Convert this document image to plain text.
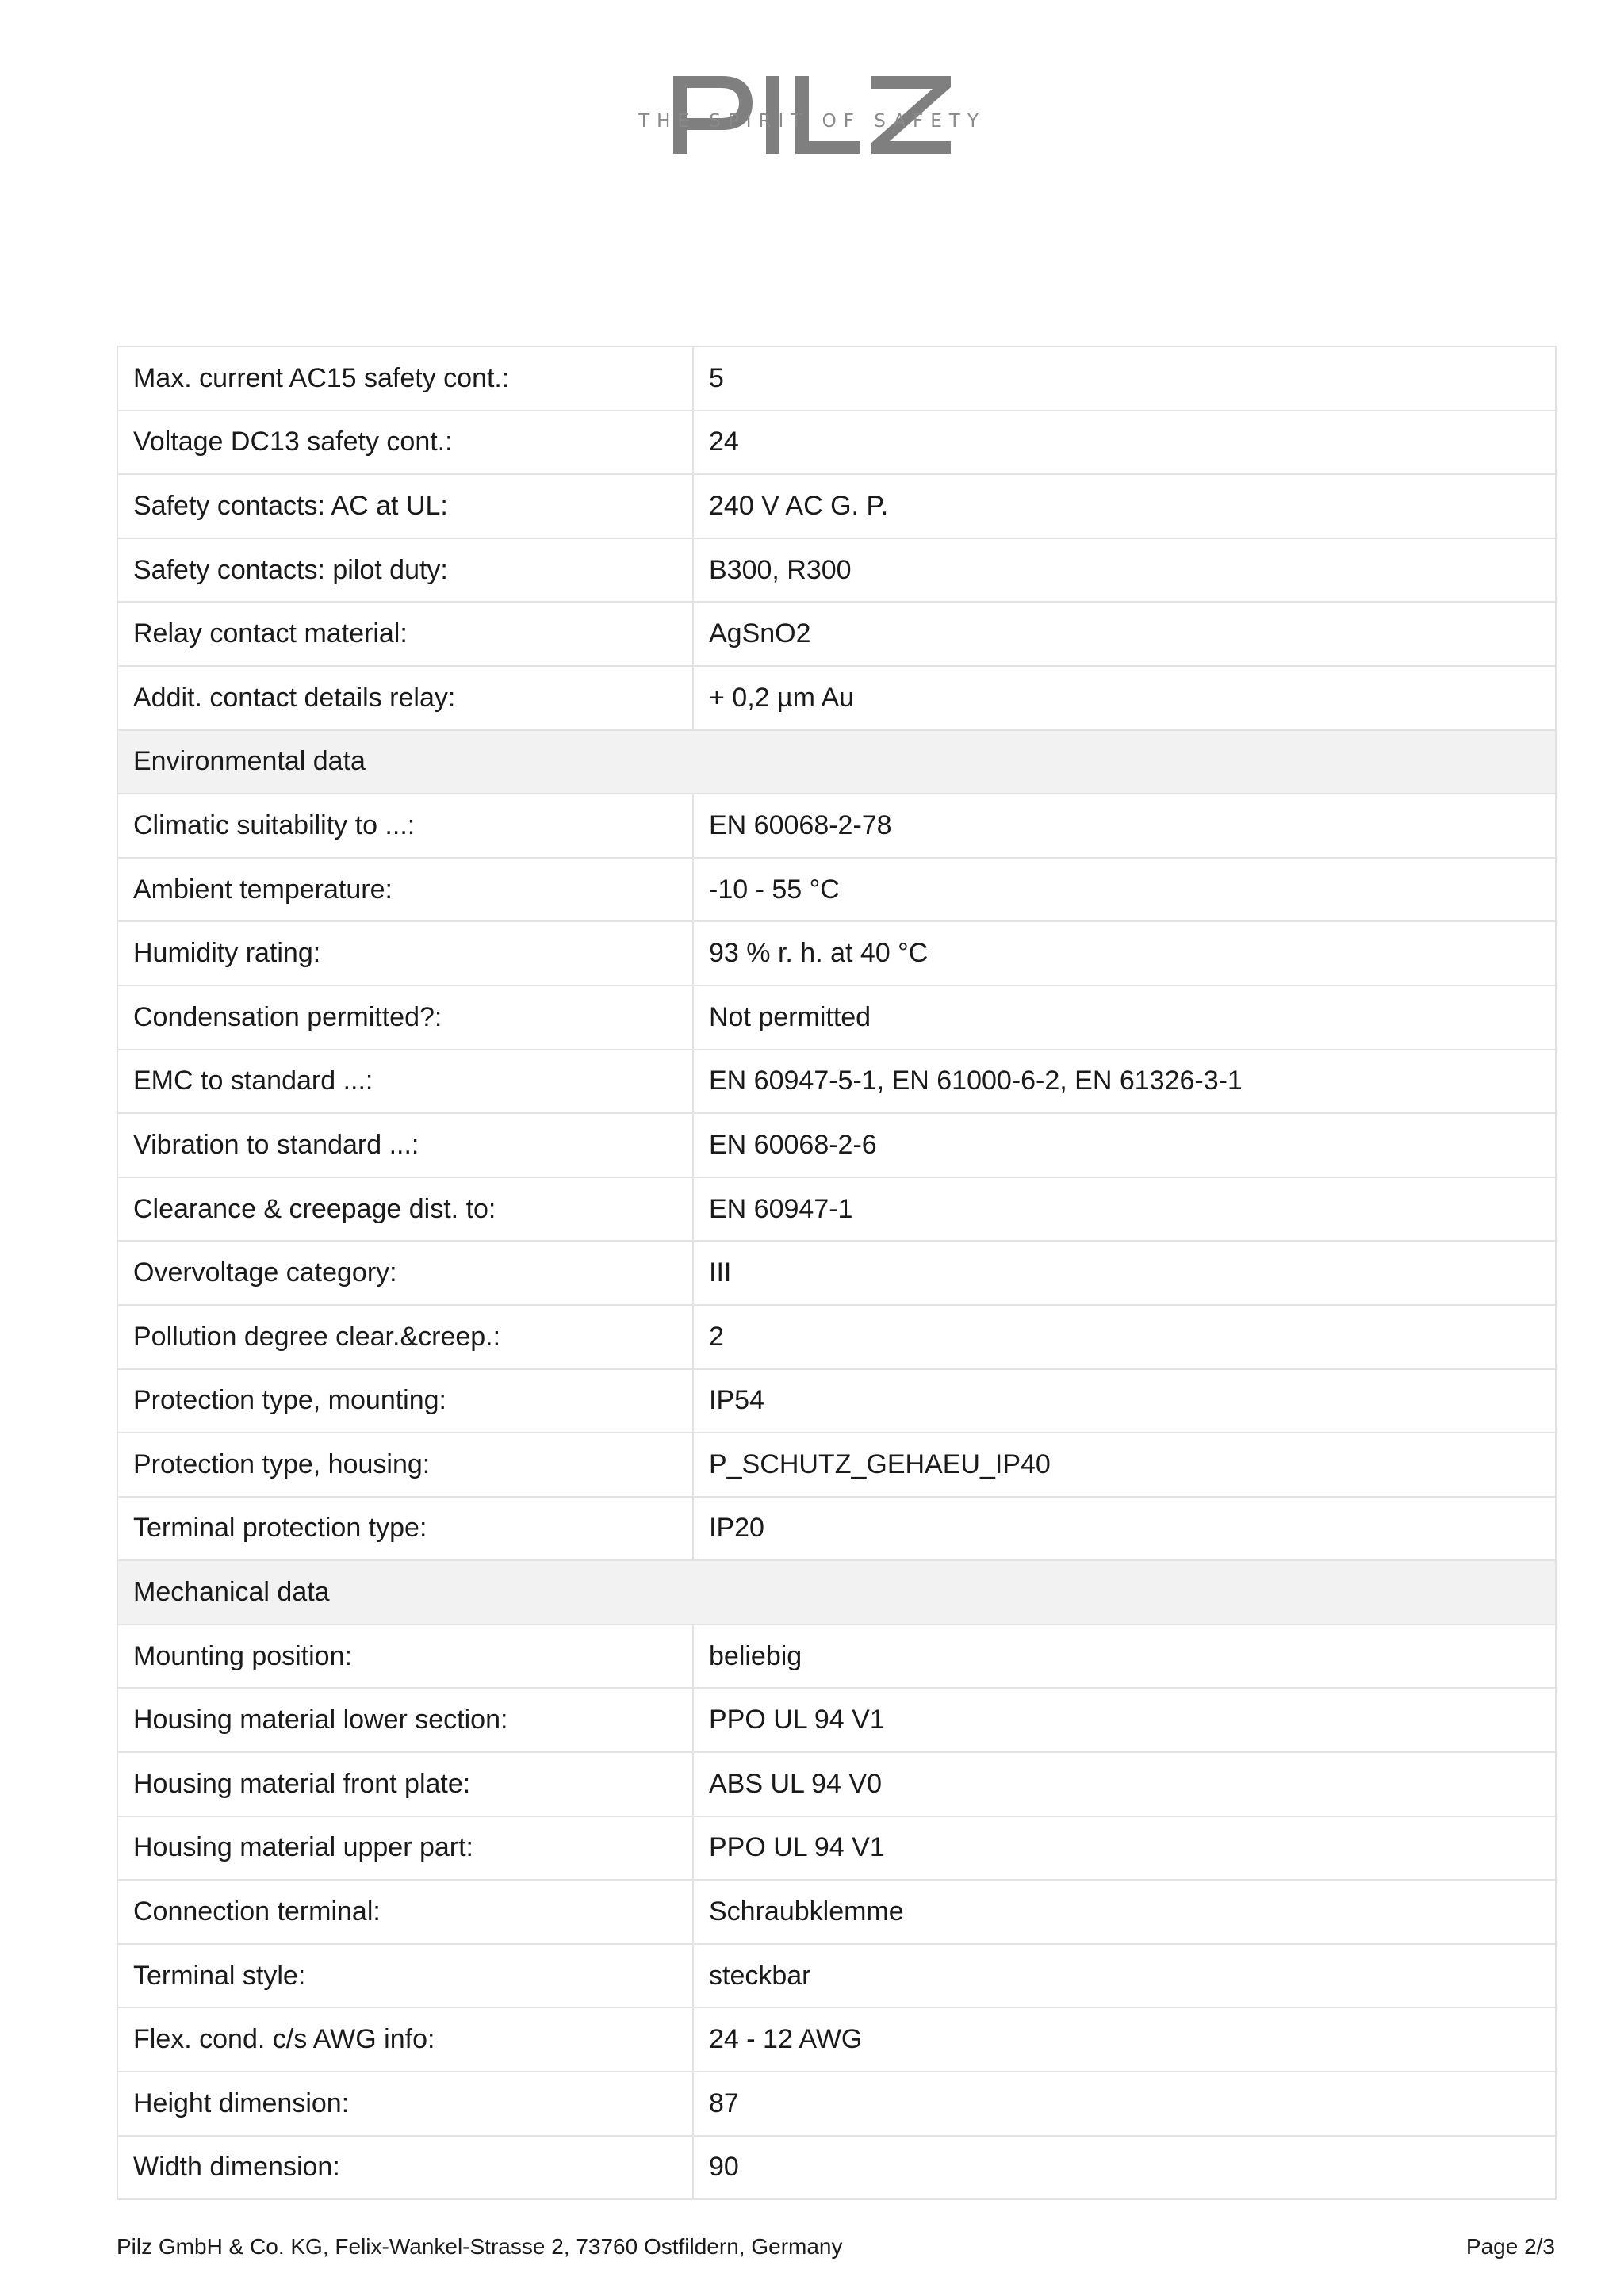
THE SPIRIT OF SAFETY
Max. current AC15 safety cont.:	5
Voltage DC13 safety cont.:	24
Safety contacts: AC at UL:	240 V AC G. P.
Safety contacts: pilot duty:	B300, R300
Relay contact material:	AgSnO2
Addit. contact details relay:	+ 0,2 µm Au
Environmental data	
Climatic suitability to ...:	EN 60068-2-78
Ambient temperature:	-10 - 55 °C
Humidity rating:	93 % r. h. at 40 °C
Condensation permitted?:	Not permitted
EMC to standard ...:	EN 60947-5-1, EN 61000-6-2, EN 61326-3-1
Vibration to standard ...:	EN 60068-2-6
Clearance & creepage dist. to:	EN 60947-1
Overvoltage category:	III
Pollution degree clear.&creep.:	2
Protection type, mounting:	IP54
Protection type, housing:	P_SCHUTZ_GEHAEU_IP40
Terminal protection type:	IP20
Mechanical data	
Mounting position:	beliebig
Housing material lower section:	PPO UL 94 V1
Housing material front plate:	ABS UL 94 V0
Housing material upper part:	PPO UL 94 V1
Connection terminal:	Schraubklemme
Terminal style:	steckbar
Flex. cond. c/s AWG info:	24 - 12 AWG
Height dimension:	87
Width dimension:	90
Pilz GmbH & Co. KG, Felix-Wankel-Strasse 2, 73760 Ostfildern, Germany	Page 2/3
